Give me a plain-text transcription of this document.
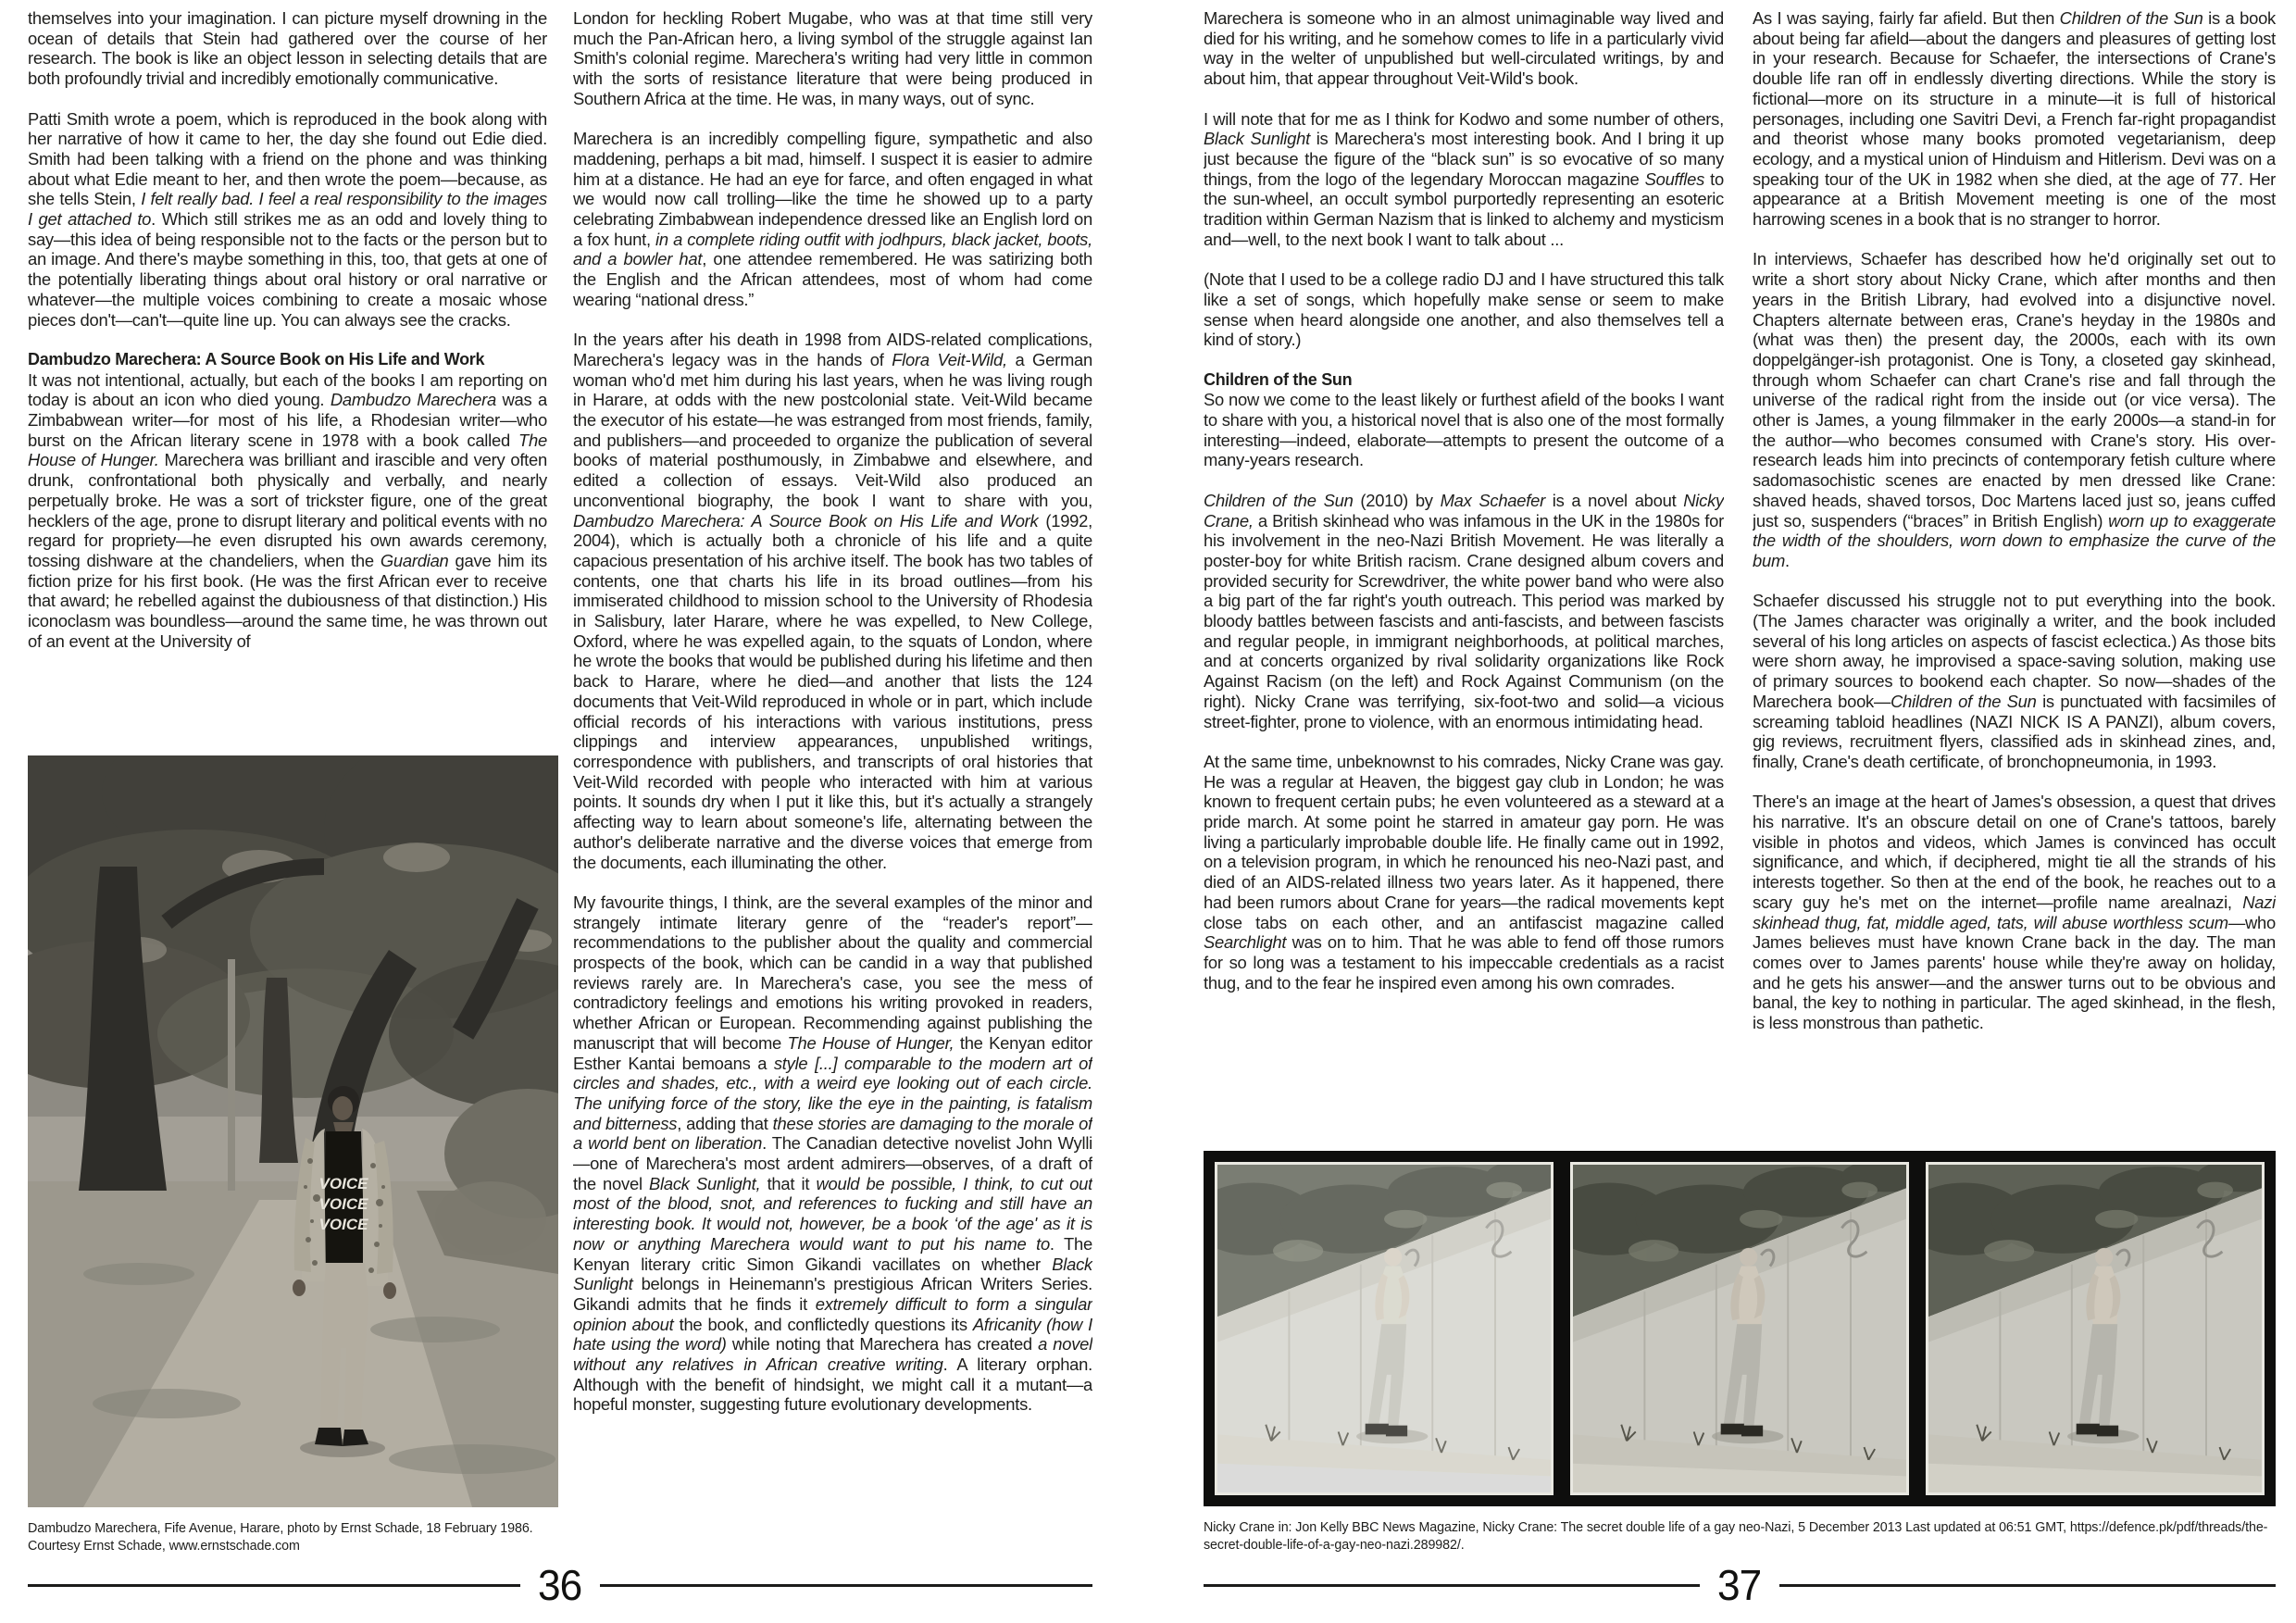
themselves into your imagination. I can picture myself drowning in the ocean of details that Stein had gathered over the course of her research. The book is like an object lesson in selecting details that are both profoundly trivial and incredibly emotionally communicative.

Patti Smith wrote a poem, which is reproduced in the book along with her narrative of how it came to her, the day she found out Edie died. Smith had been talking with a friend on the phone and was thinking about what Edie meant to her, and then wrote the poem—because, as she tells Stein, I felt really bad. I feel a real responsibility to the images I get attached to. Which still strikes me as an odd and lovely thing to say—this idea of being responsible not to the facts or the person but to an image. And there's maybe something in this, too, that gets at one of the potentially liberating things about oral history or oral narrative or whatever—the multiple voices combining to create a mosaic whose pieces don't—can't—quite line up. You can always see the cracks.

Dambudzo Marechera: A Source Book on His Life and Work

It was not intentional, actually, but each of the books I am reporting on today is about an icon who died young. Dambudzo Marechera was a Zimbabwean writer—for most of his life, a Rhodesian writer—who burst on the African literary scene in 1978 with a book called The House of Hunger. Marechera was brilliant and irascible and very often drunk, confrontational both physically and verbally, and nearly perpetually broke. He was a sort of trickster figure, one of the great hecklers of the age, prone to disrupt literary and political events with no regard for propriety—he even disrupted his own awards ceremony, tossing dishware at the chandeliers, when the Guardian gave him its fiction prize for his first book. (He was the first African ever to receive that award; he rebelled against the dubiousness of that distinction.) His iconoclasm was boundless—around the same time, he was thrown out of an event at the University of

London for heckling Robert Mugabe, who was at that time still very much the Pan-African hero, a living symbol of the struggle against Ian Smith's colonial regime. Marechera's writing had very little in common with the sorts of resistance literature that were being produced in Southern Africa at the time. He was, in many ways, out of sync.

Marechera is an incredibly compelling figure, sympathetic and also maddening, perhaps a bit mad, himself. I suspect it is easier to admire him at a distance. He had an eye for farce, and often engaged in what we would now call trolling—like the time he showed up to a party celebrating Zimbabwean independence dressed like an English lord on a fox hunt, in a complete riding outfit with jodhpurs, black jacket, boots, and a bowler hat, one attendee remembered. He was satirizing both the English and the African attendees, most of whom had come wearing “national dress.”

In the years after his death in 1998 from AIDS-related complications, Marechera's legacy was in the hands of Flora Veit-Wild, a German woman who'd met him during his last years, when he was living rough in Harare, at odds with the new postcolonial state. Veit-Wild became the executor of his estate—he was estranged from most friends, family, and publishers—and proceeded to organize the publication of several books of material posthumously, in Zimbabwe and elsewhere, and edited a collection of essays. Veit-Wild also produced an unconventional biography, the book I want to share with you, Dambudzo Marechera: A Source Book on His Life and Work (1992, 2004), which is actually both a chronicle of his life and a quite capacious presentation of his archive itself. The book has two tables of contents, one that charts his life in its broad outlines—from his immiserated childhood to mission school to the University of Rhodesia in Salisbury, later Harare, where he was expelled, to New College, Oxford, where he was expelled again, to the squats of London, where he wrote the books that would be published during his lifetime and then back to Harare, where he died—and another that lists the 124 documents that Veit-Wild reproduced in whole or in part, which include official records of his interactions with various institutions, press clippings and interview appearances, unpublished writings, correspondence with publishers, and transcripts of oral histories that Veit-Wild recorded with people who interacted with him at various points. It sounds dry when I put it like this, but it's actually a strangely affecting way to learn about someone's life, alternating between the author's deliberate narrative and the diverse voices that emerge from the documents, each illuminating the other.

My favourite things, I think, are the several examples of the minor and strangely intimate literary genre of the “reader's report”—recommendations to the publisher about the quality and commercial prospects of the book, which can be candid in a way that published reviews rarely are. In Marechera's case, you see the mess of contradictory feelings and emotions his writing provoked in readers, whether African or European. Recommending against publishing the manuscript that will become The House of Hunger, the Kenyan editor Esther Kantai bemoans a style [...] comparable to the modern art of circles and shades, etc., with a weird eye looking out of each circle. The unifying force of the story, like the eye in the painting, is fatalism and bitterness, adding that these stories are damaging to the morale of a world bent on liberation. The Canadian detective novelist John Wylli—one of Marechera's most ardent admirers—observes, of a draft of the novel Black Sunlight, that it would be possible, I think, to cut out most of the blood, snot, and references to fucking and still have an interesting book. It would not, however, be a book ‘of the age' as it is now or anything Marechera would want to put his name to. The Kenyan literary critic Simon Gikandi vacillates on whether Black Sunlight belongs in Heinemann's prestigious African Writers Series. Gikandi admits that he finds it extremely difficult to form a singular opinion about the book, and conflictedly questions its Africanity (how I hate using the word) while noting that Marechera has created a novel without any relatives in African creative writing. A literary orphan. Although with the benefit of hindsight, we might call it a mutant—a hopeful monster, suggesting future evolutionary developments.

VOICE
VOICE
VOICE
Dambudzo Marechera, Fife Avenue, Harare, photo by Ernst Schade, 18 February 1986. Courtesy Ernst Schade, www.ernstschade.com
36

Marechera is someone who in an almost unimaginable way lived and died for his writing, and he somehow comes to life in a particularly vivid way in the welter of unpublished but well-circulated writings, by and about him, that appear throughout Veit-Wild's book.

I will note that for me as I think for Kodwo and some number of others, Black Sunlight is Marechera's most interesting book. And I bring it up just because the figure of the “black sun” is so evocative of so many things, from the logo of the legendary Moroccan magazine Souffles to the sun-wheel, an occult symbol purportedly representing an esoteric tradition within German Nazism that is linked to alchemy and mysticism and—well, to the next book I want to talk about ...

(Note that I used to be a college radio DJ and I have structured this talk like a set of songs, which hopefully make sense or seem to make sense when heard alongside one another, and also themselves tell a kind of story.)

Children of the Sun

So now we come to the least likely or furthest afield of the books I want to share with you, a historical novel that is also one of the most formally interesting—indeed, elaborate—attempts to present the outcome of a many-years research.

Children of the Sun (2010) by Max Schaefer is a novel about Nicky Crane, a British skinhead who was infamous in the UK in the 1980s for his involvement in the neo-Nazi British Movement. He was literally a poster-boy for white British racism. Crane designed album covers and provided security for Screwdriver, the white power band who were also a big part of the far right's youth outreach. This period was marked by bloody battles between fascists and anti-fascists, and between fascists and regular people, in immigrant neighborhoods, at political marches, and at concerts organized by rival solidarity organizations like Rock Against Racism (on the left) and Rock Against Communism (on the right). Nicky Crane was terrifying, six-foot-two and solid—a vicious street-fighter, prone to violence, with an enormous intimidating head.

At the same time, unbeknownst to his comrades, Nicky Crane was gay. He was a regular at Heaven, the biggest gay club in London; he was known to frequent certain pubs; he even volunteered as a steward at a pride march. At some point he starred in amateur gay porn. He was living a particularly improbable double life. He finally came out in 1992, on a television program, in which he renounced his neo-Nazi past, and died of an AIDS-related illness two years later. As it happened, there had been rumors about Crane for years—the radical movements kept close tabs on each other, and an antifascist magazine called Searchlight was on to him. That he was able to fend off those rumors for so long was a testament to his impeccable credentials as a racist thug, and to the fear he inspired even among his own comrades.

As I was saying, fairly far afield. But then Children of the Sun is a book about being far afield—about the dangers and pleasures of getting lost in your research. Because for Schaefer, the intersections of Crane's double life ran off in endlessly diverting directions. While the story is fictional—more on its structure in a minute—it is full of historical personages, including one Savitri Devi, a French far-right propagandist and theorist whose many books promoted vegetarianism, deep ecology, and a mystical union of Hinduism and Hitlerism. Devi was on a speaking tour of the UK in 1982 when she died, at the age of 77. Her appearance at a British Movement meeting is one of the most harrowing scenes in a book that is no stranger to horror.

In interviews, Schaefer has described how he'd originally set out to write a short story about Nicky Crane, which after months and then years in the British Library, had evolved into a disjunctive novel. Chapters alternate between eras, Crane's heyday in the 1980s and (what was then) the present day, the 2000s, each with its own doppelgänger-ish protagonist. One is Tony, a closeted gay skinhead, through whom Schaefer can chart Crane's rise and fall through the universe of the radical right from the inside out (or vice versa). The other is James, a young filmmaker in the early 2000s—a stand-in for the author—who becomes consumed with Crane's story. His over-research leads him into precincts of contemporary fetish culture where sadomasochistic scenes are enacted by men dressed like Crane: shaved heads, shaved torsos, Doc Martens laced just so, jeans cuffed just so, suspenders (“braces” in British English) worn up to exaggerate the width of the shoulders, worn down to emphasize the curve of the bum.

Schaefer discussed his struggle not to put everything into the book. (The James character was originally a writer, and the book included several of his long articles on aspects of fascist eclectica.) As those bits were shorn away, he improvised a space-saving solution, making use of primary sources to bookend each chapter. So now—shades of the Marechera book—Children of the Sun is punctuated with facsimiles of screaming tabloid headlines (NAZI NICK IS A PANZI), album covers, gig reviews, recruitment flyers, classified ads in skinhead zines, and, finally, Crane's death certificate, of bronchopneumonia, in 1993.

There's an image at the heart of James's obsession, a quest that drives his narrative. It's an obscure detail on one of Crane's tattoos, barely visible in photos and videos, which James is convinced has occult significance, and which, if deciphered, might tie all the strands of his interests together. So then at the end of the book, he reaches out to a scary guy he's met on the internet—profile name arealnazi, Nazi skinhead thug, fat, middle aged, tats, will abuse worthless scum—who James believes must have known Crane back in the day. The man comes over to James parents' house while they're away on holiday, and he gets his answer—and the answer turns out to be obvious and banal, the key to nothing in particular. The aged skinhead, in the flesh, is less monstrous than pathetic.

Nicky Crane in: Jon Kelly BBC News Magazine, Nicky Crane: The secret double life of a gay neo-Nazi, 5 December 2013 Last updated at 06:51 GMT, https://defence.pk/pdf/threads/the-secret-double-life-of-a-gay-neo-nazi.289982/.
37
